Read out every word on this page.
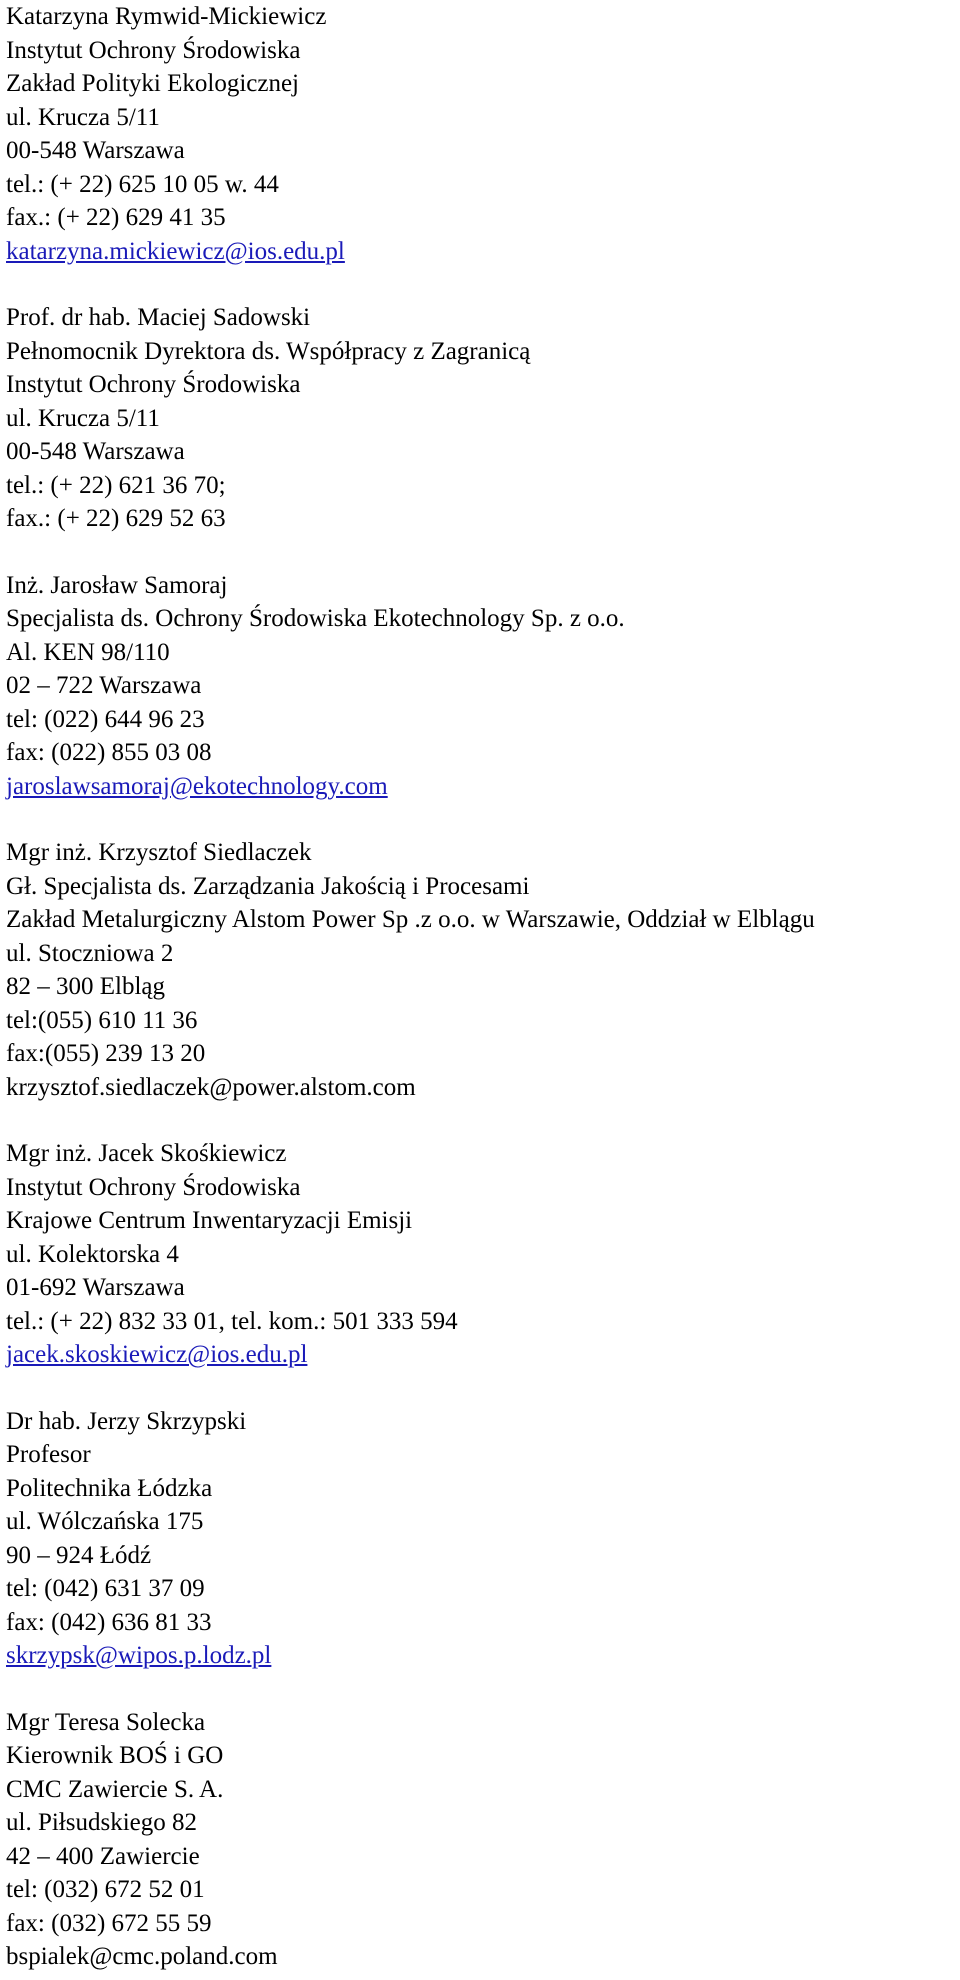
Katarzyna Rymwid-Mickiewicz
Instytut Ochrony Środowiska
Zakład Polityki Ekologicznej
ul. Krucza 5/11
00-548 Warszawa
tel.: (+ 22) 625 10 05 w. 44
fax.: (+ 22) 629 41 35
katarzyna.mickiewicz@ios.edu.pl
Prof. dr hab. Maciej Sadowski
Pełnomocnik Dyrektora ds. Współpracy z Zagranicą
Instytut Ochrony Środowiska
ul. Krucza 5/11
00-548 Warszawa
tel.: (+ 22) 621 36 70;
fax.: (+ 22) 629 52 63
Inż. Jarosław Samoraj
Specjalista ds. Ochrony Środowiska Ekotechnology Sp. z o.o.
Al. KEN 98/110
02 – 722 Warszawa
tel: (022) 644 96 23
fax: (022) 855 03 08
jaroslawsamoraj@ekotechnology.com
Mgr inż. Krzysztof Siedlaczek
Gł. Specjalista ds. Zarządzania Jakością i Procesami
Zakład Metalurgiczny Alstom Power Sp .z o.o. w Warszawie, Oddział w Elblągu
ul. Stoczniowa 2
82 – 300 Elbląg
tel:(055) 610 11 36
fax:(055) 239 13 20
krzysztof.siedlaczek@power.alstom.com
Mgr inż. Jacek Skośkiewicz
Instytut Ochrony Środowiska
Krajowe Centrum Inwentaryzacji Emisji
ul. Kolektorska 4
01-692 Warszawa
tel.: (+ 22) 832 33 01, tel. kom.: 501 333 594
jacek.skoskiewicz@ios.edu.pl
Dr hab. Jerzy Skrzypski
Profesor
Politechnika Łódzka
ul. Wólczańska 175
90 – 924 Łódź
tel: (042) 631 37 09
fax: (042) 636 81 33
skrzypsk@wipos.p.lodz.pl
Mgr Teresa Solecka
Kierownik BOŚ i GO
CMC Zawiercie S. A.
ul. Piłsudskiego 82
42 – 400 Zawiercie
tel: (032) 672 52 01
fax: (032) 672 55 59
bspialek@cmc.poland.com
